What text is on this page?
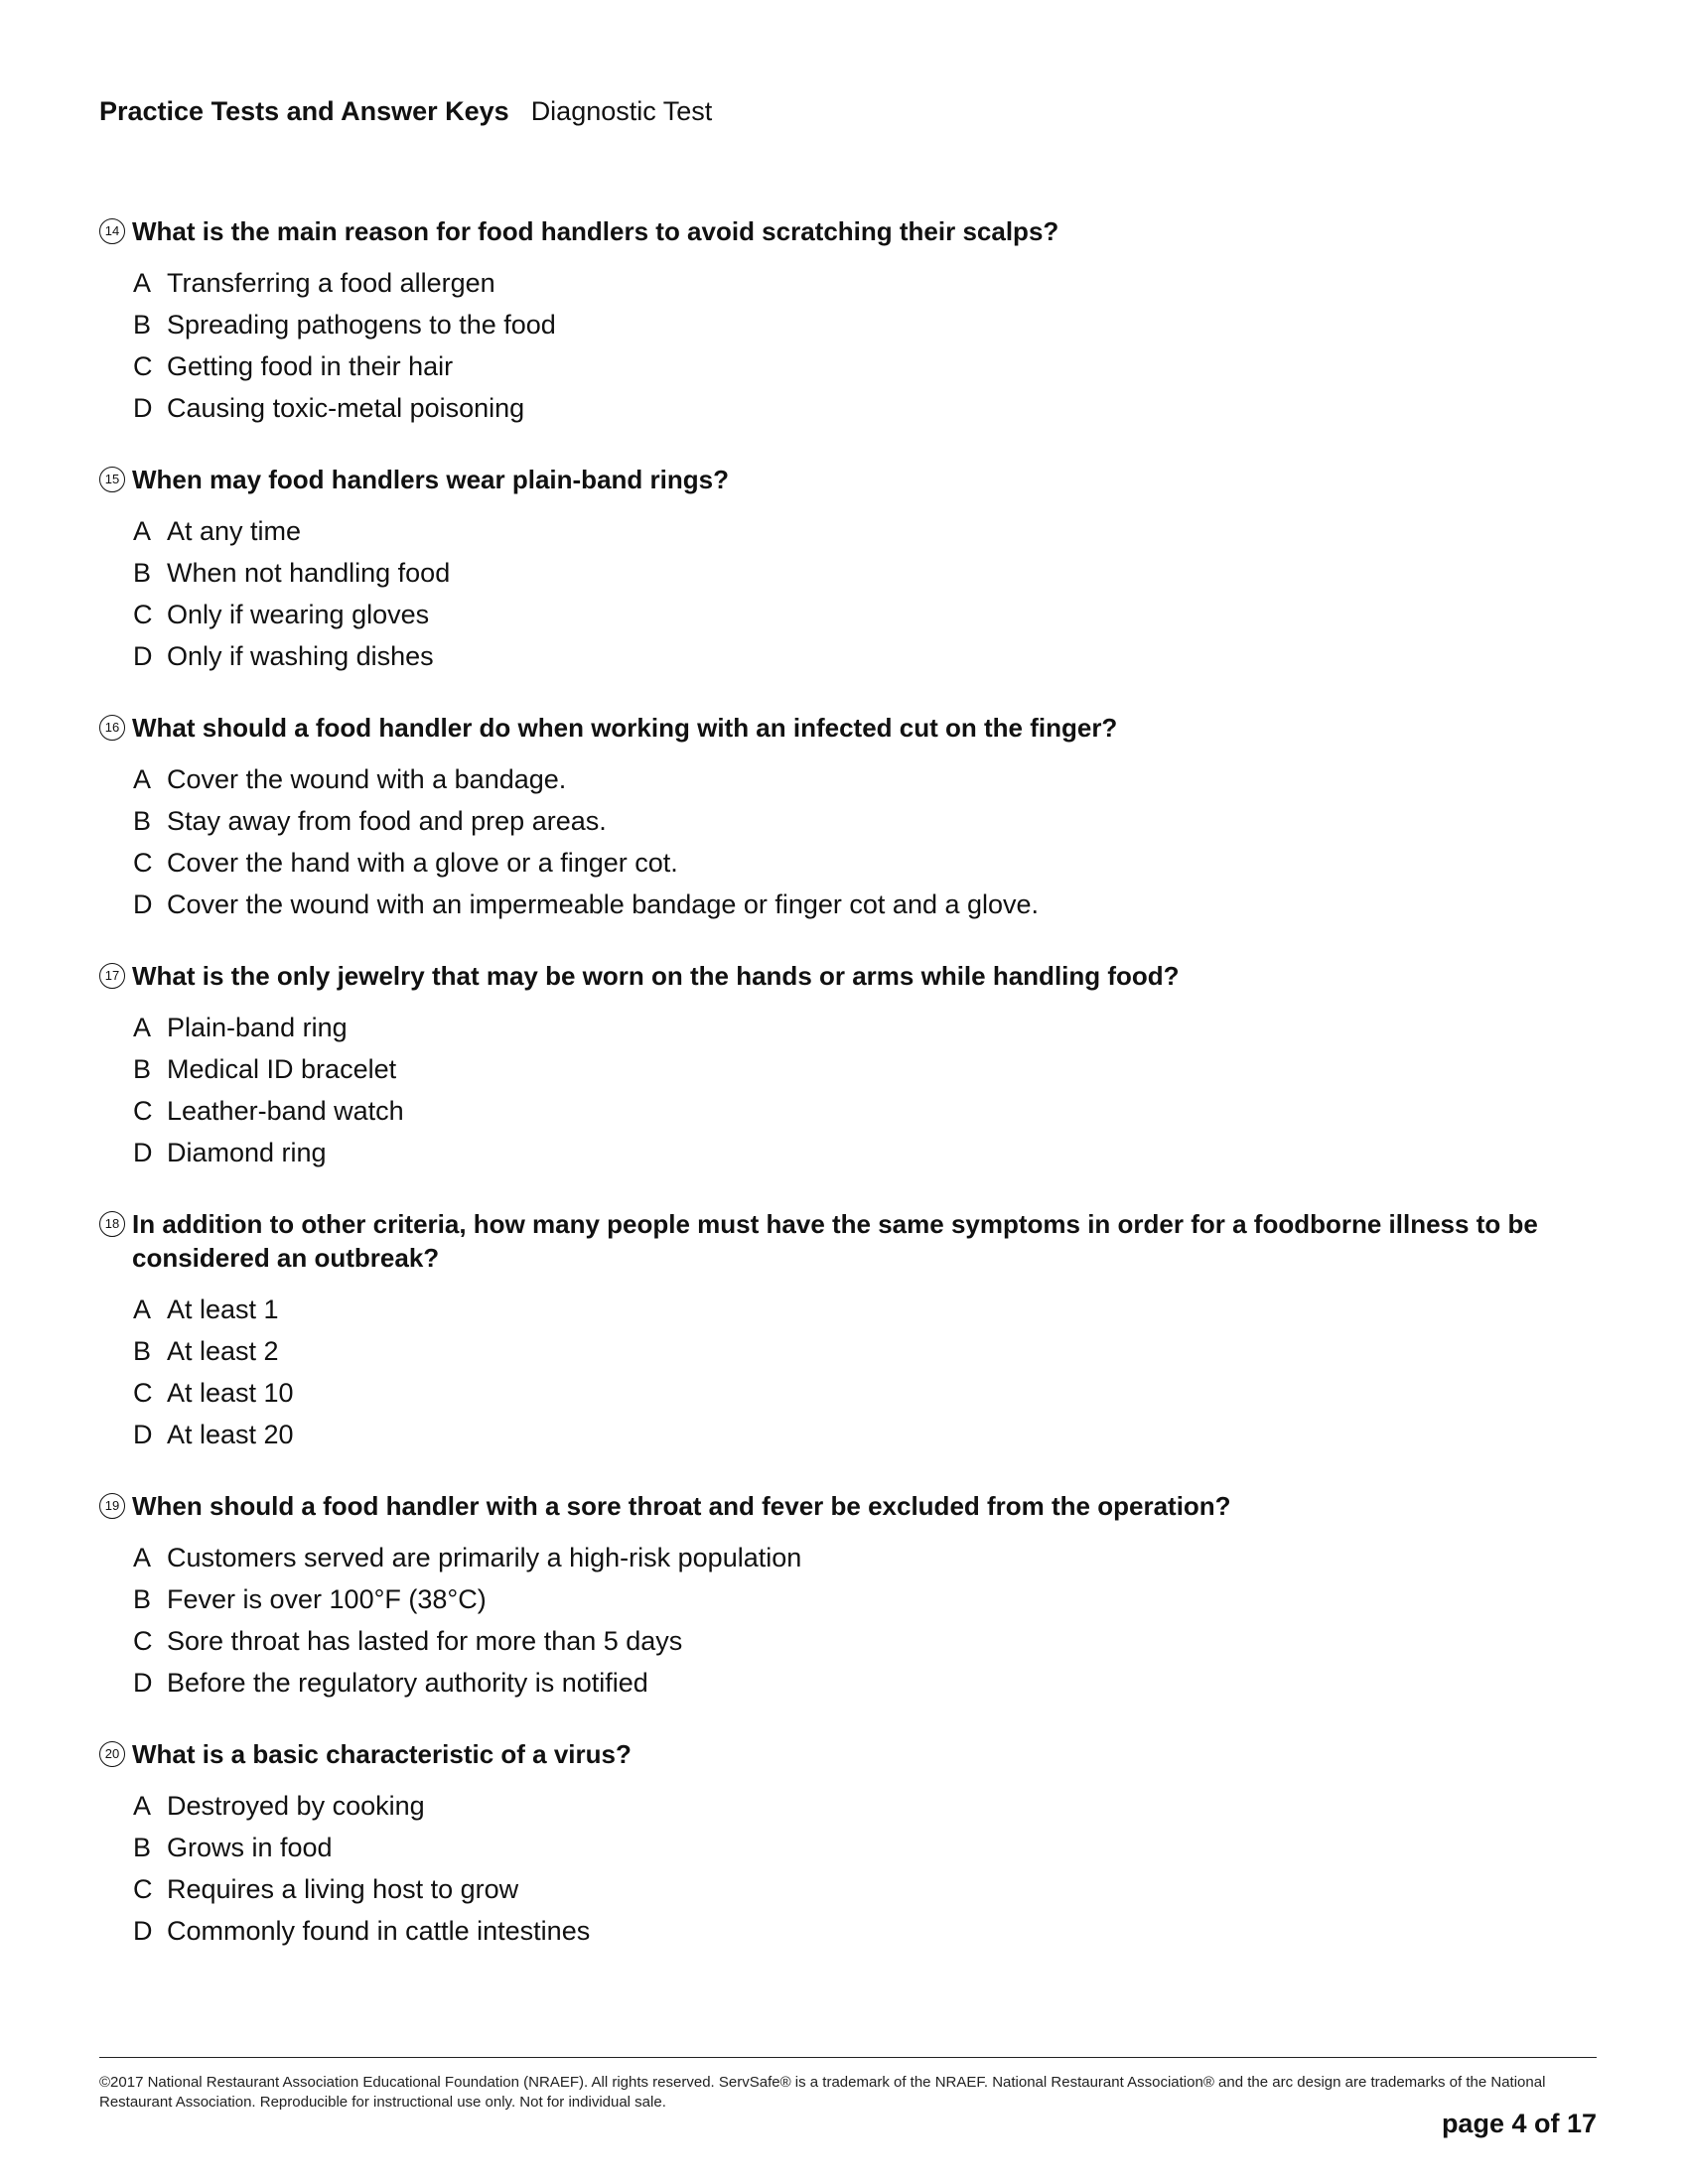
Practice Tests and Answer Keys Diagnostic Test
14 What is the main reason for food handlers to avoid scratching their scalps?
A Transferring a food allergen
B Spreading pathogens to the food
C Getting food in their hair
D Causing toxic-metal poisoning
15 When may food handlers wear plain-band rings?
A At any time
B When not handling food
C Only if wearing gloves
D Only if washing dishes
16 What should a food handler do when working with an infected cut on the finger?
A Cover the wound with a bandage.
B Stay away from food and prep areas.
C Cover the hand with a glove or a finger cot.
D Cover the wound with an impermeable bandage or finger cot and a glove.
17 What is the only jewelry that may be worn on the hands or arms while handling food?
A Plain-band ring
B Medical ID bracelet
C Leather-band watch
D Diamond ring
18 In addition to other criteria, how many people must have the same symptoms in order for a foodborne illness to be considered an outbreak?
A At least 1
B At least 2
C At least 10
D At least 20
19 When should a food handler with a sore throat and fever be excluded from the operation?
A Customers served are primarily a high-risk population
B Fever is over 100°F (38°C)
C Sore throat has lasted for more than 5 days
D Before the regulatory authority is notified
20 What is a basic characteristic of a virus?
A Destroyed by cooking
B Grows in food
C Requires a living host to grow
D Commonly found in cattle intestines
©2017 National Restaurant Association Educational Foundation (NRAEF). All rights reserved. ServSafe® is a trademark of the NRAEF. National Restaurant Association® and the arc design are trademarks of the National Restaurant Association. Reproducible for instructional use only. Not for individual sale.
page 4 of 17
